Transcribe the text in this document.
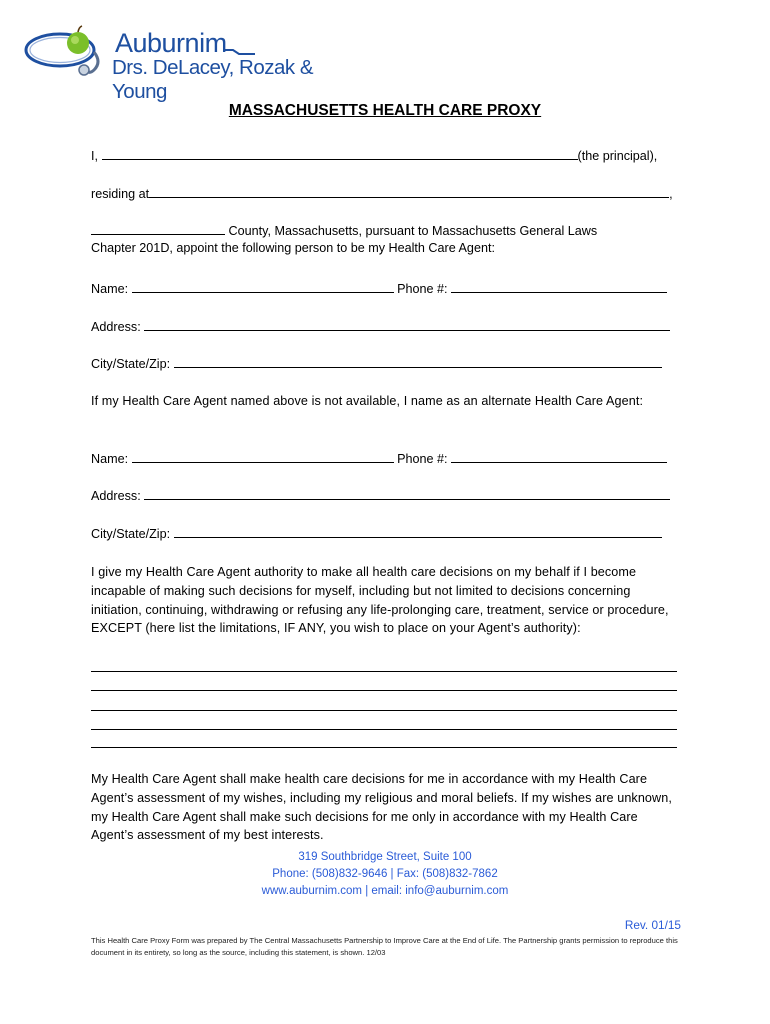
Auburnim
Drs. DeLacey, Rozak & Young
MASSACHUSETTS HEALTH CARE PROXY
I,	(the principal),
residing at	,
County, Massachusetts, pursuant to Massachusetts General Laws
Chapter 201D, appoint the following person to be my Health Care Agent:
Name:	Phone #:
Address:
City/State/Zip:
If my Health Care Agent named above is not available, I name as an alternate Health Care Agent:
Name:	Phone #:
Address:
City/State/Zip:
I give my Health Care Agent authority to make all health care decisions on my behalf if I become incapable of making such decisions for myself, including but not limited to decisions concerning initiation, continuing, withdrawing or refusing any life-prolonging care, treatment, service or procedure, EXCEPT (here list the limitations, IF ANY, you wish to place on your Agent’s authority):
My Health Care Agent shall make health care decisions for me in accordance with my Health Care Agent’s assessment of my wishes, including my religious and moral beliefs. If my wishes are unknown, my Health Care Agent shall make such decisions for me only in accordance with my Health Care Agent’s assessment of my best interests.
319 Southbridge Street, Suite 100
Phone: (508)832-9646 | Fax: (508)832-7862
www.auburnim.com | email: info@auburnim.com
Rev. 01/15
This Health Care Proxy Form was prepared by The Central Massachusetts Partnership to Improve Care at the End of Life. The Partnership grants permission to reproduce this document in its entirety, so long as the source, including this statement, is shown. 12/03
